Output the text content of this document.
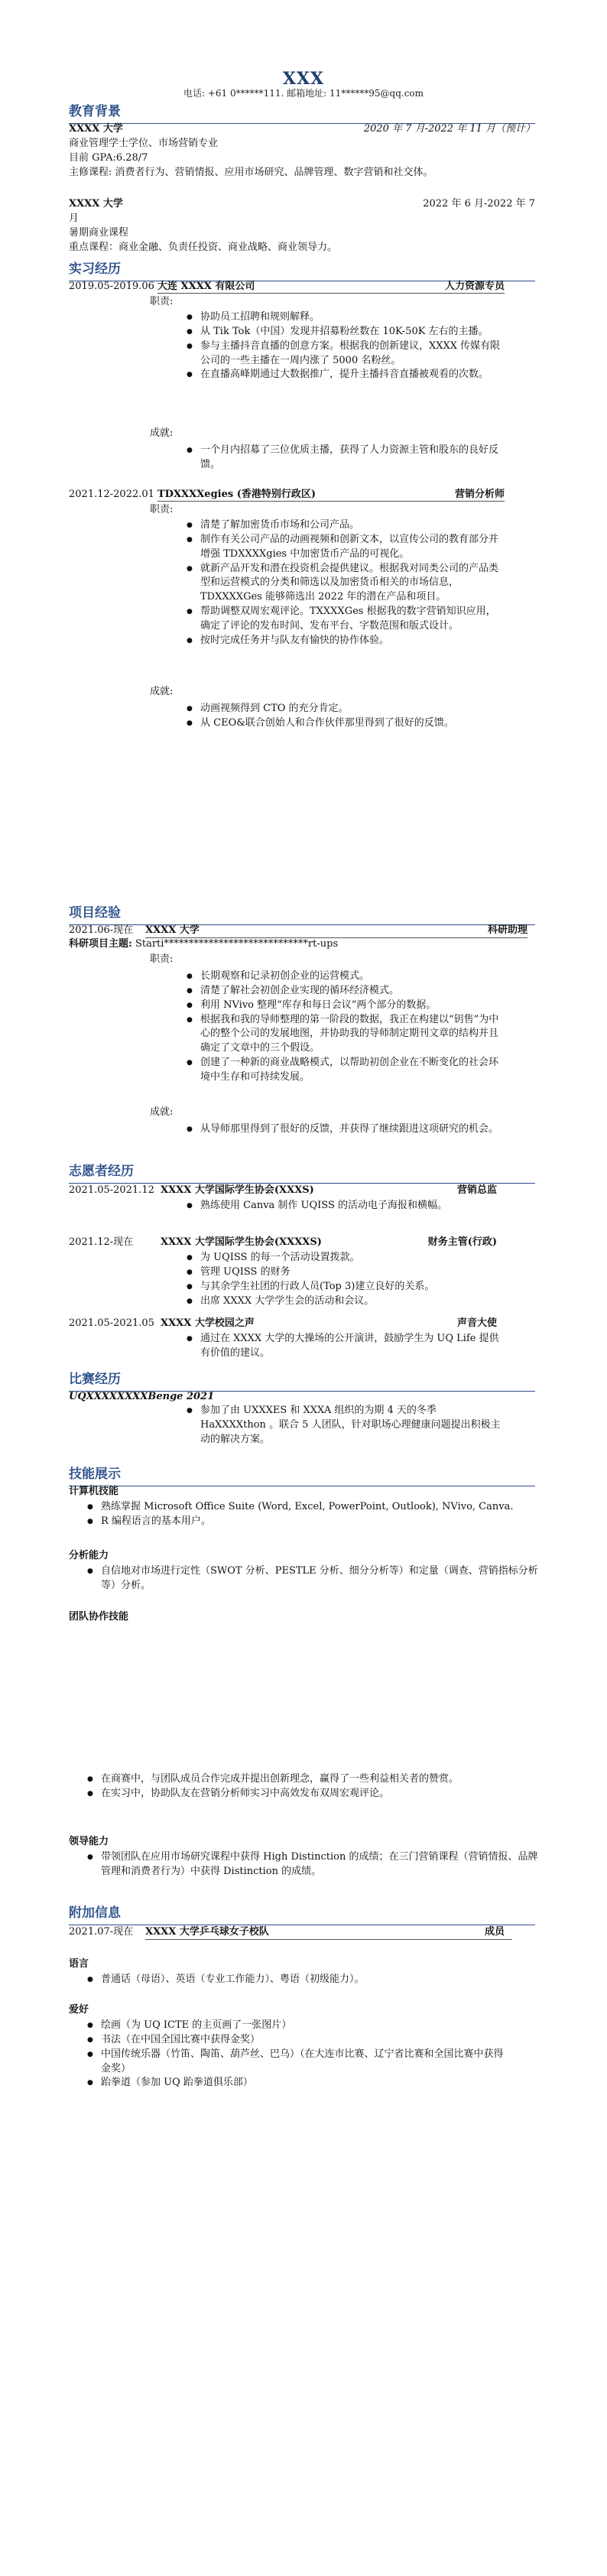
XXX
电话: +61 0******111. 邮箱地址: 11******95@qq.com
教育背景
XXXX 大学	2020 年 7 月-2022 年 11 月（预计）
商业管理学士学位、市场营销专业
目前 GPA:6.28/7
主修课程: 消费者行为、营销情报、应用市场研究、品牌管理、数字营销和社交体。
XXXX 大学	2022 年 6 月-2022 年 7
月
暑期商业课程
重点课程：商业金融、负责任投资、商业战略、商业领导力。
实习经历
2019.05-2019.06 大连 XXXX 有限公司	人力资源专员
职责:
● 协助员工招聘和规则解释。
● 从 Tik Tok（中国）发现并招募粉丝数在 10K-50K 左右的主播。
● 参与主播抖音直播的创意方案。根据我的创新建议，XXXX 传媒有限公司的一些主播在一周内涨了 5000 名粉丝。
● 在直播高峰期通过大数据推广，提升主播抖音直播被观看的次数。
成就:
● 一个月内招募了三位优质主播，获得了人力资源主管和股东的良好反馈。
2021.12-2022.01 TDXXXXegies (香港特别行政区)	营销分析师
职责:
● 清楚了解加密货币市场和公司产品。
● 制作有关公司产品的动画视频和创新文本，以宣传公司的教育部分并增强 TDXXXXgies 中加密货币产品的可视化。
● 就新产品开发和潜在投资机会提供建议。根据我对同类公司的产品类型和运营模式的分类和筛选以及加密货币相关的市场信息，TDXXXXGes 能够筛选出 2022 年的潜在产品和项目。
● 帮助调整双周宏观评论。TXXXXGes 根据我的数字营销知识应用，确定了评论的发布时间、发布平台、字数范围和版式设计。
● 按时完成任务并与队友有愉快的协作体验。
成就:
● 动画视频得到 CTO 的充分肯定。
● 从 CEO&联合创始人和合作伙伴那里得到了很好的反馈。
项目经验
2021.06-现在 XXXX 大学	科研助理
科研项目主题: Starti*****************************rt-ups
职责:
● 长期观察和记录初创企业的运营模式。
● 清楚了解社会初创企业实现的循环经济模式。
● 利用 NVivo 整理“库存和每日会议”两个部分的数据。
● 根据我和我的导师整理的第一阶段的数据，我正在构建以“钥售”为中心的整个公司的发展地图，并协助我的导师制定期刊文章的结构并且确定了文章中的三个假设。
● 创建了一种新的商业战略模式，以帮助初创企业在不断变化的社会环境中生存和可持续发展。
成就:
● 从导师那里得到了很好的反馈，并获得了继续跟进这项研究的机会。
志愿者经历
2021.05-2021.12 XXXX 大学国际学生协会(XXXS)	营销总监
● 熟练使用 Canva 制作 UQISS 的活动电子海报和横幅。
2021.12-现在	XXXX 大学国际学生协会(XXXXS)	财务主管(行政)
● 为 UQISS 的每一个活动设置拨款。
● 管理 UQISS 的财务
● 与其余学生社团的行政人员(Top 3)建立良好的关系。
● 出席 XXXX 大学学生会的活动和会议。
2021.05-2021.05 XXXX 大学校园之声	声音大使
● 通过在 XXXX 大学的大操场的公开演讲，鼓励学生为 UQ Life 提供有价值的建议。
比赛经历
UQXXXXXXXXBenge 2021
● 参加了由 UXXXES 和 XXXA 组织的为期 4 天的冬季 HaXXXXthon 。联合 5 人团队，针对职场心理健康问题提出积极主动的解决方案。
技能展示
计算机技能
● 熟练掌握 Microsoft Office Suite (Word, Excel, PowerPoint, Outlook), NVivo, Canva.
● R 编程语言的基本用户。
分析能力
● 自信地对市场进行定性（SWOT 分析、PESTLE 分析、细分分析等）和定量（调查、营销指标分析等）分析。
团队协作技能
● 在商赛中，与团队成员合作完成并提出创新理念，赢得了一些利益相关者的赞赏。
● 在实习中，协助队友在营销分析师实习中高效发布双周宏观评论。
领导能力
● 带领团队在应用市场研究课程中获得 High Distinction 的成绩；在三门营销课程（营销情报、品牌管理和消费者行为）中获得 Distinction 的成绩。
附加信息
2021.07-现在 XXXX 大学乒乓球女子校队	成员
语言
● 普通话（母语）、英语（专业工作能力）、粤语（初级能力）。
爱好
● 绘画（为 UQ ICTE 的主页画了一张图片）
● 书法（在中国全国比赛中获得金奖）
● 中国传统乐器（竹笛、陶笛、葫芦丝、巴乌）（在大连市比赛、辽宁省比赛和全国比赛中获得金奖）
● 跆拳道（参加 UQ 跆拳道俱乐部）
